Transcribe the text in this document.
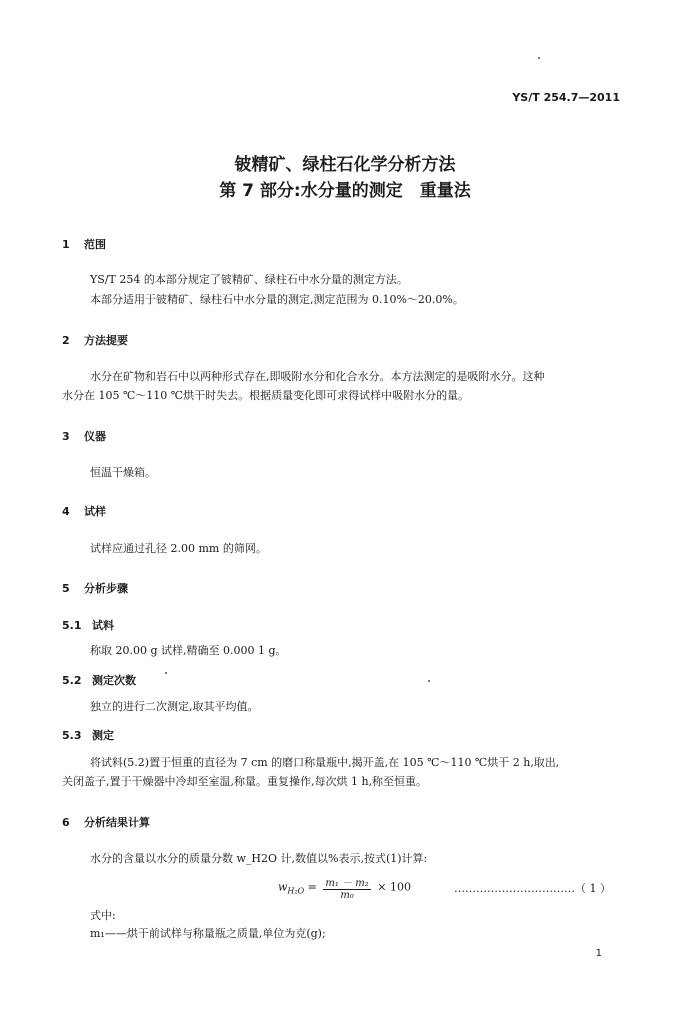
YS/T 254.7—2011
铍精矿、绿柱石化学分析方法
第 7 部分:水分量的测定　重量法
1 范围
YS/T 254 的本部分规定了铍精矿、绿柱石中水分量的测定方法。
本部分适用于铍精矿、绿柱石中水分量的测定,测定范围为 0.10%～20.0%。
2 方法提要
水分在矿物和岩石中以两种形式存在,即吸附水分和化合水分。本方法测定的是吸附水分。这种
水分在 105 ℃～110 ℃烘干时失去。根据质量变化即可求得试样中吸附水分的量。
3 仪器
恒温干燥箱。
4 试样
试样应通过孔径 2.00 mm 的筛网。
5 分析步骤
5.1 试料
称取 20.00 g 试样,精确至 0.000 1 g。
5.2 测定次数
独立的进行二次测定,取其平均值。
5.3 测定
将试料(5.2)置于恒重的直径为 7 cm 的磨口称量瓶中,揭开盖,在 105 ℃～110 ℃烘干 2 h,取出,
关闭盖子,置于干燥器中冷却至室温,称量。重复操作,每次烘 1 h,称至恒重。
6 分析结果计算
水分的含量以水分的质量分数 w_H2O 计,数值以%表示,按式(1)计算:
$w_{H_2O} = \frac{\text{m₁ － m₂}}{\text{m₀}} \times 100$	……………………………（ 1 ）
式中:
m₁——烘干前试样与称量瓶之质量,单位为克(g);
1
